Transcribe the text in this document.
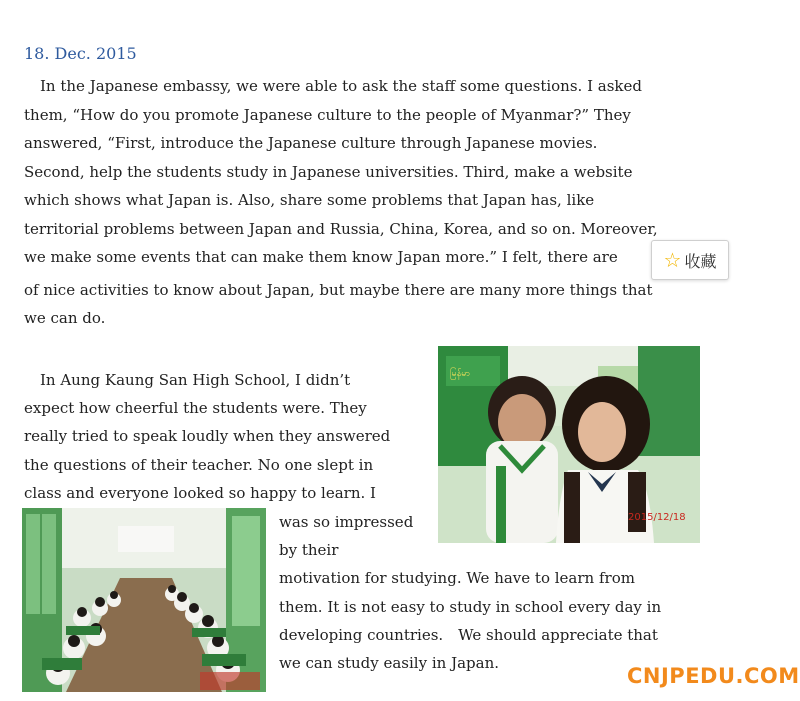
18. Dec. 2015
In the Japanese embassy, we were able to ask the staff some questions. I asked
them, “How do you promote Japanese culture to the people of Myanmar?” They
answered, “First, introduce the Japanese culture through Japanese movies.
Second, help the students study in Japanese universities. Third, make a website
which shows what Japan is. Also, share some problems that Japan has, like
territorial problems between Japan and Russia, China, Korea, and so on. Moreover,
we make some events that can make them know Japan more.” I felt, there are
of nice activities to know about Japan, but maybe there are many more things that
we can do.
☆ 收藏
In Aung Kaung San High School, I didn’t
expect how cheerful the students were. They
really tried to speak loudly when they answered
the questions of their teacher. No one slept in
class and everyone looked so happy to learn. I
was so impressed
by their
motivation for studying. We have to learn from
them. It is not easy to study in school every day in
developing countries.　We should appreciate that
we can study easily in Japan.
မြန်မာ
2015/12/18
CNJPEDU.COM
